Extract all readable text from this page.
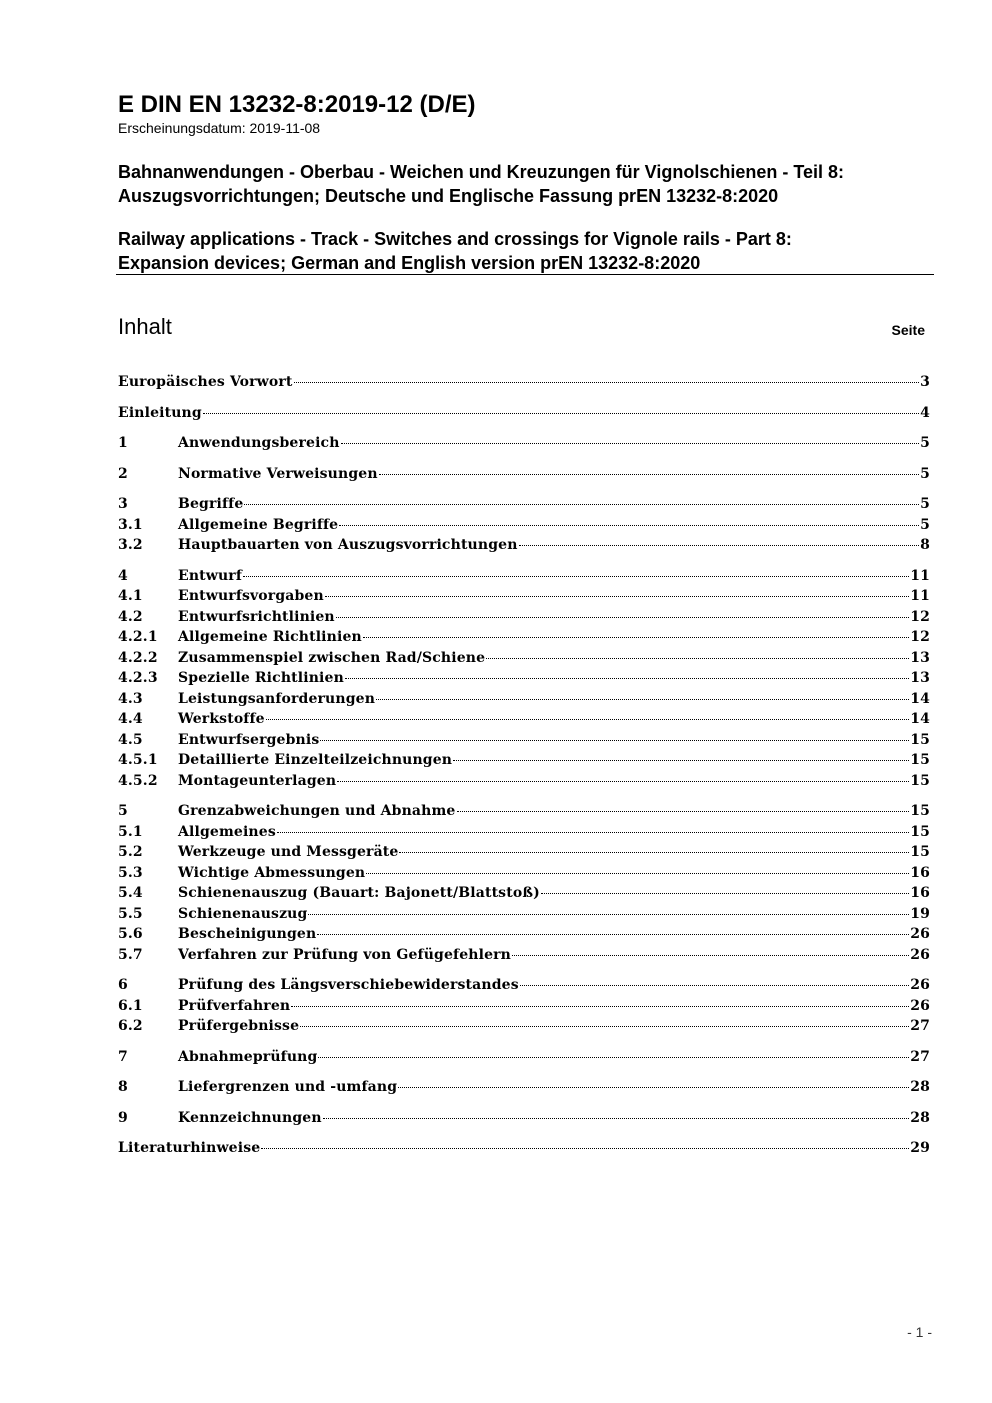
E DIN EN 13232-8:2019-12 (D/E)
Erscheinungsdatum: 2019-11-08
Bahnanwendungen - Oberbau - Weichen und Kreuzungen für Vignolschienen - Teil 8:
Auszugsvorrichtungen; Deutsche und Englische Fassung prEN 13232-8:2020
Railway applications - Track - Switches and crossings for Vignole rails - Part 8:
Expansion devices; German and English version prEN 13232-8:2020
Inhalt	Seite
Europäisches Vorwort	3
Einleitung	4
1	Anwendungsbereich	5
2	Normative Verweisungen	5
3	Begriffe	5
3.1	Allgemeine Begriffe	5
3.2	Hauptbauarten von Auszugsvorrichtungen	8
4	Entwurf	11
4.1	Entwurfsvorgaben	11
4.2	Entwurfsrichtlinien	12
4.2.1	Allgemeine Richtlinien	12
4.2.2	Zusammenspiel zwischen Rad/Schiene	13
4.2.3	Spezielle Richtlinien	13
4.3	Leistungsanforderungen	14
4.4	Werkstoffe	14
4.5	Entwurfsergebnis	15
4.5.1	Detaillierte Einzelteilzeichnungen	15
4.5.2	Montageunterlagen	15
5	Grenzabweichungen und Abnahme	15
5.1	Allgemeines	15
5.2	Werkzeuge und Messgeräte	15
5.3	Wichtige Abmessungen	16
5.4	Schienenauszug (Bauart: Bajonett/Blattstoß)	16
5.5	Schienenauszug	19
5.6	Bescheinigungen	26
5.7	Verfahren zur Prüfung von Gefügefehlern	26
6	Prüfung des Längsverschiebewiderstandes	26
6.1	Prüfverfahren	26
6.2	Prüfergebnisse	27
7	Abnahmeprüfung	27
8	Liefergrenzen und -umfang	28
9	Kennzeichnungen	28
Literaturhinweise	29
- 1 -
